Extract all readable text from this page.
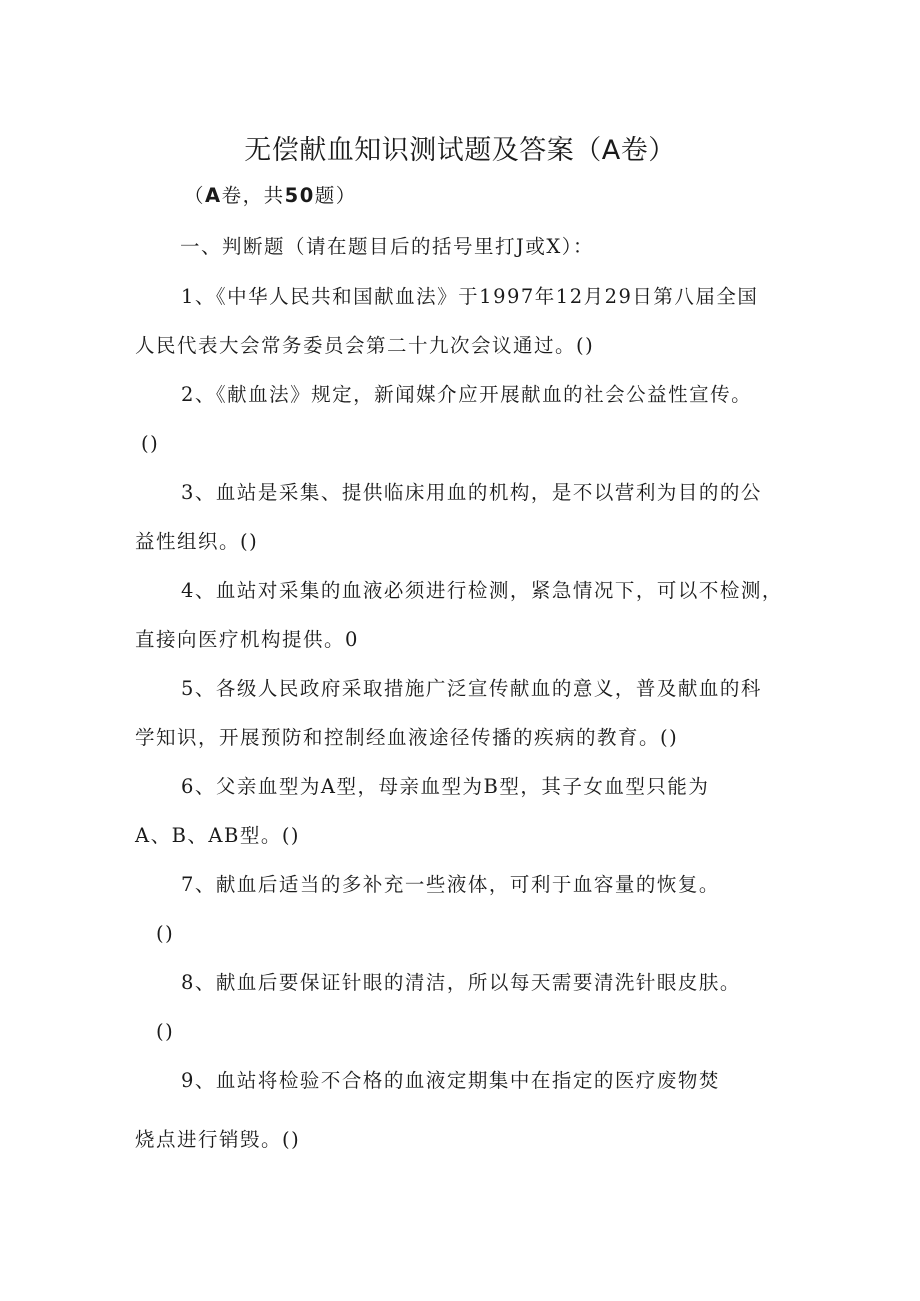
无偿献血知识测试题及答案（A卷）
（A卷，共50题）
一、判断题（请在题目后的括号里打J或X）：
1、《中华人民共和国献血法》于1997年12月29日第八届全国
人民代表大会常务委员会第二十九次会议通过。()
2、《献血法》规定，新闻媒介应开展献血的社会公益性宣传。
()
3、血站是采集、提供临床用血的机构，是不以营利为目的的公
益性组织。()
4、血站对采集的血液必须进行检测，紧急情况下，可以不检测，
直接向医疗机构提供。0
5、各级人民政府采取措施广泛宣传献血的意义，普及献血的科
学知识，开展预防和控制经血液途径传播的疾病的教育。()
6、父亲血型为A型，母亲血型为B型，其子女血型只能为
A、B、AB型。()
7、献血后适当的多补充一些液体，可利于血容量的恢复。
()
8、献血后要保证针眼的清洁，所以每天需要清洗针眼皮肤。
()
9、血站将检验不合格的血液定期集中在指定的医疗废物焚
烧点进行销毁。()
